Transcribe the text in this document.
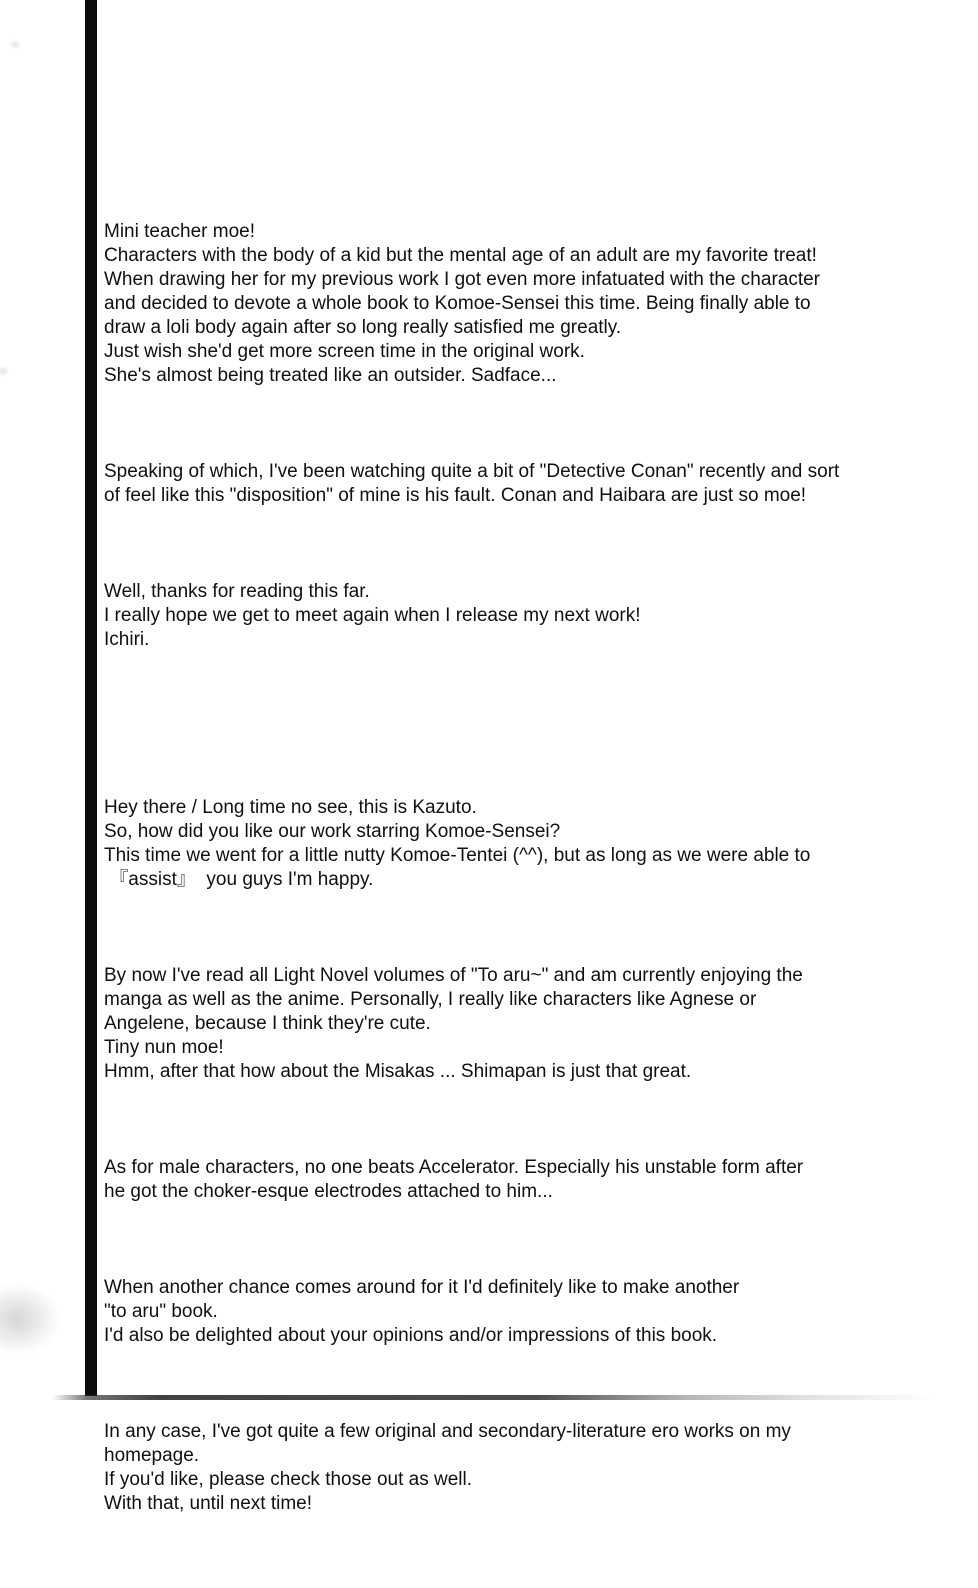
Mini teacher moe!
Characters with the body of a kid but the mental age of an adult are my favorite treat!
When drawing her for my previous work I got even more infatuated with the character
and decided to devote a whole book to Komoe-Sensei this time. Being finally able to
draw a loli body again after so long really satisfied me greatly.
Just wish she'd get more screen time in the original work.
She's almost being treated like an outsider. Sadface...

Speaking of which, I've been watching quite a bit of "Detective Conan" recently and sort
of feel like this "disposition" of mine is his fault. Conan and Haibara are just so moe!

Well, thanks for reading this far.
I really hope we get to meet again when I release my next work!
Ichiri.

Hey there / Long time no see, this is Kazuto.
So, how did you like our work starring Komoe-Sensei?
This time we went for a little nutty Komoe-Tentei (^^), but as long as we were able to
『assist』  you guys I'm happy.

By now I've read all Light Novel volumes of "To aru~" and am currently enjoying the
manga as well as the anime. Personally, I really like characters like Agnese or
Angelene, because I think they're cute.
Tiny nun moe!
Hmm, after that how about the Misakas ... Shimapan is just that great.

As for male characters, no one beats Accelerator. Especially his unstable form after
he got the choker-esque electrodes attached to him...

When another chance comes around for it I'd definitely like to make another
"to aru" book.
I'd also be delighted about your opinions and/or impressions of this book.

In any case, I've got quite a few original and secondary-literature ero works on my
homepage.
If you'd like, please check those out as well.
With that, until next time!
